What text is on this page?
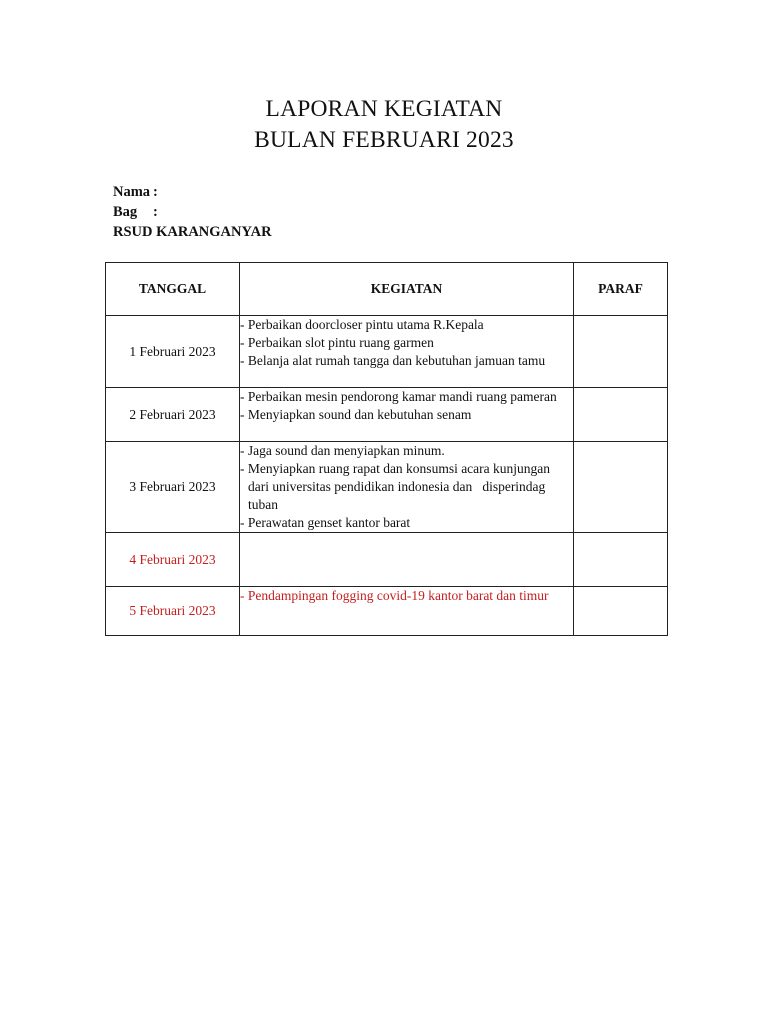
LAPORAN KEGIATAN
BULAN FEBRUARI 2023
Nama :
Bag :
RSUD KARANGANYAR
TANGGAL	KEGIATAN	PARAF
1 Februari 2023	- Perbaikan doorcloser pintu utama R.Kepala
- Perbaikan slot pintu ruang garmen
- Belanja alat rumah tangga dan kebutuhan jamuan tamu	

2 Februari 2023	- Perbaikan mesin pendorong kamar mandi ruang pameran
- Menyiapkan sound dan kebutuhan senam	

3 Februari 2023	- Jaga sound dan menyiapkan minum.
- Menyiapkan ruang rapat dan konsumsi acara kunjungan dari universitas pendidikan indonesia dan   disperindag tuban
- Perawatan genset kantor barat	

4 Februari 2023		
5 Februari 2023	- Pendampingan fogging covid-19 kantor barat dan timur	
